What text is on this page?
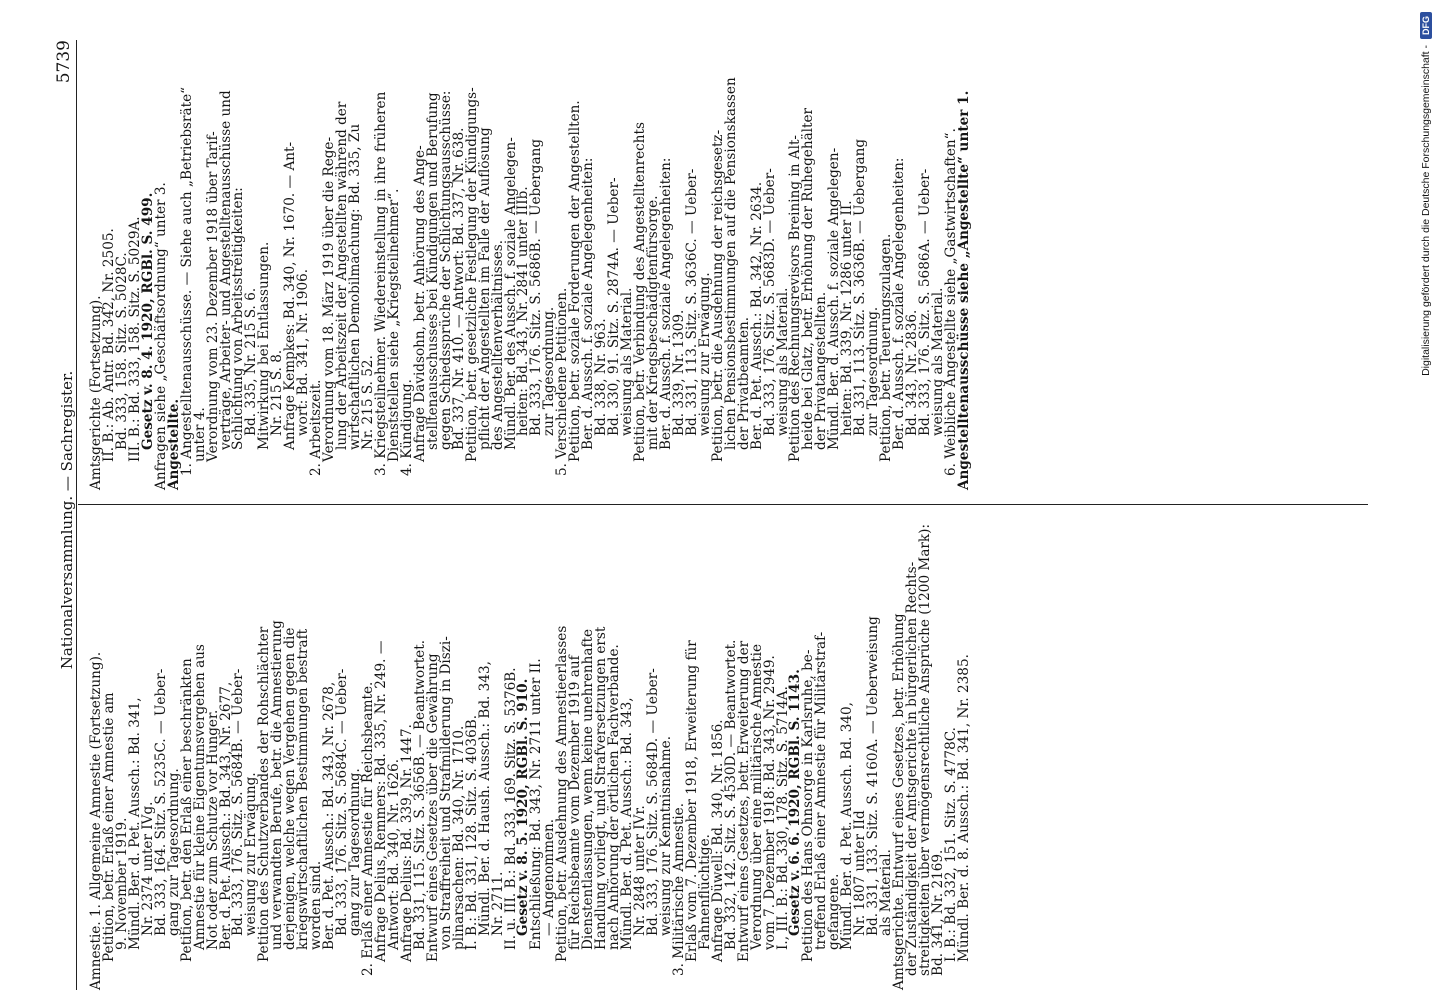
Nationalversammlung. — Sachregister.
5739
Amnestie. 1. Allgemeine Amnestie (Fortsetzung).
Petition, betr. Erlaß einer Amnestie am
9. November 1919.
Mündl. Ber. d. Pet. Aussch.: Bd. 341,
Nr. 2374 unter IVg.
Bd. 333, 164. Sitz. S. 5235C. — Ueber-
gang zur Tagesordnung.
Petition, betr. den Erlaß einer beschränkten
Amnestie für kleine Eigentumsvergehen aus
Not oder zum Schutze vor Hunger.
Ber. d. Pet. Aussch.: Bd. 343, Nr. 2677,
Bd. 333, 176. Sitz. S. 5684B. — Ueber-
weisung zur Erwägung.
Petition des Schutzverbandes der Rohschlächter
und verwandten Berufe, betr. die Amnestierung
derjenigen, welche wegen Vergehen gegen die
kriegswirtschaftlichen Bestimmungen bestraft
worden sind.
Ber. d. Pet. Aussch.: Bd. 343, Nr. 2678,
Bd. 333, 176. Sitz. S. 5684C. — Ueber-
gang zur Tagesordnung.
2. Erlaß einer Amnestie für Reichsbeamte.
Anfrage Delius, Remmers: Bd. 335, Nr. 249. —
Antwort: Bd. 340, Nr. 1626.
Anfrage Delius: Bd. 339, Nr. 1447.
Bd. 331, 115. Sitz. S. 3656B. — Beantwortet.
Entwurf eines Gesetzes über die Gewährung
von Straffreiheit und Strafmilderung in Diszi-
plinarsachen: Bd. 340, Nr. 1710.
I. B.: Bd. 331, 128. Sitz. S. 4036B.
Mündl. Ber. d. Haush. Aussch.: Bd. 343,
Nr. 2711.
II. u. III. B.: Bd. 333, 169. Sitz. S. 5376B.
Gesetz v. 8. 5. 1920, RGBl. S. 910.
Entschließung: Bd. 343, Nr. 2711 unter II.
— Angenommen.
Petition, betr. Ausdehnung des Amnestieerlasses
für Reichsbeamte vom Dezember 1919 auf
Dienstentlassungen, wenn keine unehrenhafte
Handlung vorliegt, und Strafversetzungen erst
nach Anhörung der örtlichen Fachverbände.
Mündl. Ber. d. Pet. Aussch.: Bd. 343,
Nr. 2848 unter IVr.
Bd. 333, 176. Sitz. S. 5684D. — Ueber-
weisung zur Kenntnisnahme.
3. Militärische Amnestie.
Erlaß vom 7. Dezember 1918, Erweiterung für
Fahnenflüchtige.
Anfrage Düwell: Bd. 340, Nr. 1856.
Bd. 332, 142. Sitz. S. 4530D. — Beantwortet.
Entwurf eines Gesetzes, betr. Erweiterung der
Verordnung über eine militärische Amnestie
vom 7. Dezember 1918: Bd. 343, Nr. 2949.
I., III. B.: Bd. 330, 178. Sitz. S. 5714A.
Gesetz v. 6. 6. 1920, RGBl. S. 1143.
Petition des Hans Ohnsorge in Karlsruhe, be-
treffend Erlaß einer Amnestie für Militärstraf-
gefangene.
Mündl. Ber. d. Pet. Aussch. Bd. 340,
Nr. 1807 unter IId
Bd. 331, 133. Sitz. S. 4160A. — Ueberweisung
als Material.
Amtsgerichte. Entwurf eines Gesetzes, betr. Erhöhung
der Zuständigkeit der Amtsgerichte in bürgerlichen Rechts-
streitigkeiten über vermögensrechtliche Ansprüche (1200 Mark):
Bd. 341, Nr. 2169.
I. B.: Bd. 332, 151. Sitz. S. 4778C.
Mündl. Ber. d. 8. Aussch.: Bd. 341, Nr. 2385.
Amtsgerichte (Fortsetzung).
II. B.: Ab. Antr. Bd. 342, Nr. 2505.
Bd. 333, 158. Sitz. S. 5028C.
III. B.: Bd. 333, 158. Sitz. S. 5029A.
Gesetz v. 8. 4. 1920, RGBl. S. 499.
Anfragen siehe „Geschäftsordnung“ unter 3.
Angestellte.
1. Angestelltenausschüsse. — Siehe auch „Betriebsräte“
unter 4.
Verordnung vom 23. Dezember 1918 über Tarif-
verträge, Arbeiter- und Angestelltenausschüsse und
Schlichtung von Arbeitsstreitigkeiten:
Bd. 335, Nr. 215 S. 6.
Mitwirkung bei Entlassungen.
Nr. 215 S. 8.
Anfrage Kempkes: Bd. 340, Nr. 1670. — Ant-
wort: Bd. 341, Nr. 1906.
2. Arbeitszeit.
Verordnung vom 18. März 1919 über die Rege-
lung der Arbeitszeit der Angestellten während der
wirtschaftlichen Demobilmachung: Bd. 335, Zu
Nr. 215 S. 52.
3. Kriegsteilnehmer. Wiedereinstellung in ihre früheren
Dienststellen siehe „Kriegsteilnehmer“.
4. Kündigung.
Anfrage Davidsohn, betr. Anhörung des Ange-
stelltenausschusses bei Kündigungen und Berufung
gegen Schiedssprüche der Schlichtungsausschüsse:
Bd. 337, Nr. 410. — Antwort: Bd. 337, Nr. 638.
Petition, betr. gesetzliche Festlegung der Kündigungs-
pflicht der Angestellten im Falle der Auflösung
des Angestelltenverhältnisses.
Mündl. Ber. des Aussch. f. soziale Angelegen-
heiten: Bd. 343, Nr. 2841 unter IIIb.
Bd. 333, 176. Sitz. S. 5686B. — Uebergang
zur Tagesordnung.
5. Verschiedene Petitionen.
Petition, betr. soziale Forderungen der Angestellten.
Ber. d. Aussch. f. soziale Angelegenheiten:
Bd. 338, Nr. 963.
Bd. 330, 91. Sitz. S. 2874A. — Ueber-
weisung als Material.
Petition, betr. Verbindung des Angestelltenrechts
mit der Kriegsbeschädigtenfürsorge.
Ber. d. Aussch. f. soziale Angelegenheiten:
Bd. 339, Nr. 1309.
Bd. 331, 113. Sitz. S. 3636C. — Ueber-
weisung zur Erwägung.
Petition, betr. die Ausdehnung der reichsgesetz-
lichen Pensionsbestimmungen auf die Pensionskassen
der Privatbeamten.
Ber. d. Pet. Aussch.: Bd. 342, Nr. 2634.
Bd. 333, 176. Sitz. S. 5683D. — Ueber-
weisung als Material.
Petition des Rechnungsrevisors Breining in Alt-
heide bei Glatz, betr. Erhöhung der Ruhegehälter
der Privatangestellten.
Mündl. Ber. d. Aussch. f. soziale Angelegen-
heiten: Bd. 339, Nr. 1286 unter II.
Bd. 331, 113. Sitz. S. 3636B. — Uebergang
zur Tagesordnung.
Petition, betr. Teuerungszulagen.
Ber. d. Aussch. f. soziale Angelegenheiten:
Bd. 343, Nr. 2836.
Bd. 333, 176. Sitz. S. 5686A. — Ueber-
weisung als Material.
6. Weibliche Angestellte siehe „Gastwirtschaften“.
Angestelltenausschüsse siehe „Angestellte“ unter 1.	Digitalisierung gefördert durch die Deutsche Forschungsgemeinschaft -
DFG
